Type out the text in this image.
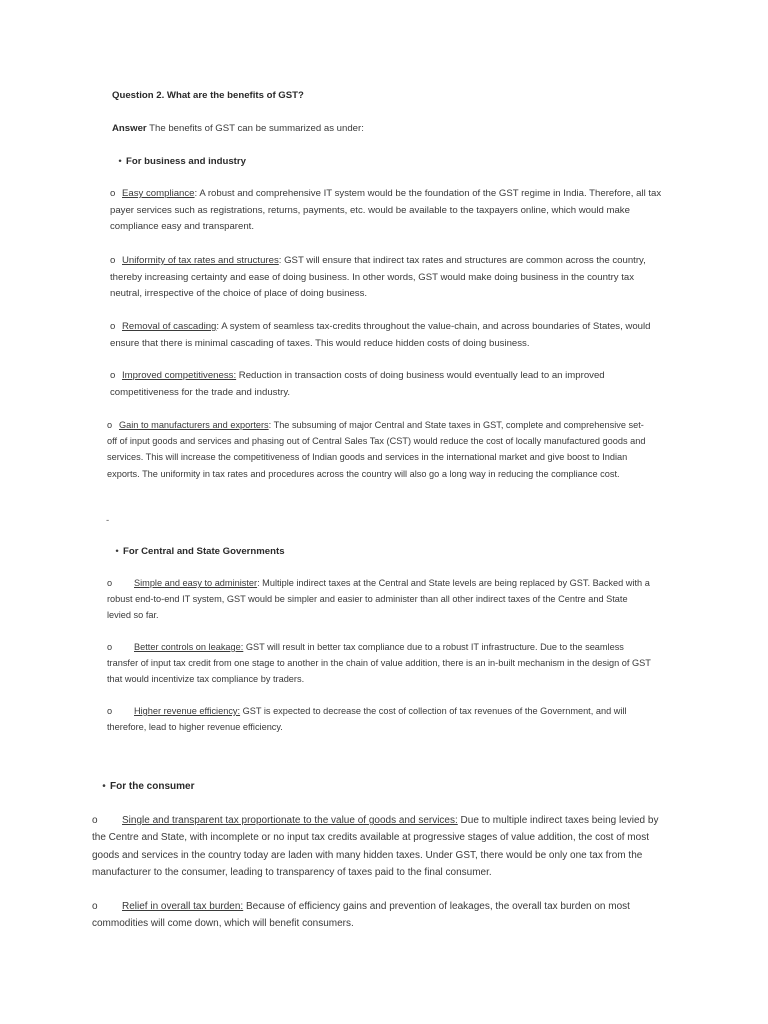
Question 2. What are the benefits of GST?
Answer The benefits of GST can be summarized as under:
• For business and industry

o Easy compliance: A robust and comprehensive IT system would be the foundation of the GST regime in India. Therefore, all tax payer services such as registrations, returns, payments, etc. would be available to the taxpayers online, which would make compliance easy and transparent.

o Uniformity of tax rates and structures: GST will ensure that indirect tax rates and structures are common across the country, thereby increasing certainty and ease of doing business. In other words, GST would make doing business in the country tax neutral, irrespective of the choice of place of doing business.

o Removal of cascading: A system of seamless tax-credits throughout the value-chain, and across boundaries of States, would ensure that there is minimal cascading of taxes. This would reduce hidden costs of doing business.

o Improved competitiveness: Reduction in transaction costs of doing business would eventually lead to an improved competitiveness for the trade and industry.

o Gain to manufacturers and exporters: The subsuming of major Central and State taxes in GST, complete and comprehensive set-off of input goods and services and phasing out of Central Sales Tax (CST) would reduce the cost of locally manufactured goods and services. This will increase the competitiveness of Indian goods and services in the international market and give boost to Indian exports. The uniformity in tax rates and procedures across the country will also go a long way in reducing the compliance cost.

-
• For Central and State Governments

o Simple and easy to administer: Multiple indirect taxes at the Central and State levels are being replaced by GST. Backed with a robust end-to-end IT system, GST would be simpler and easier to administer than all other indirect taxes of the Centre and State levied so far.

o Better controls on leakage: GST will result in better tax compliance due to a robust IT infrastructure. Due to the seamless transfer of input tax credit from one stage to another in the chain of value addition, there is an in-built mechanism in the design of GST that would incentivize tax compliance by traders.

o Higher revenue efficiency: GST is expected to decrease the cost of collection of tax revenues of the Government, and will therefore, lead to higher revenue efficiency.

• For the consumer

o Single and transparent tax proportionate to the value of goods and services: Due to multiple indirect taxes being levied by the Centre and State, with incomplete or no input tax credits available at progressive stages of value addition, the cost of most goods and services in the country today are laden with many hidden taxes. Under GST, there would be only one tax from the manufacturer to the consumer, leading to transparency of taxes paid to the final consumer.

o Relief in overall tax burden: Because of efficiency gains and prevention of leakages, the overall tax burden on most commodities will come down, which will benefit consumers.
